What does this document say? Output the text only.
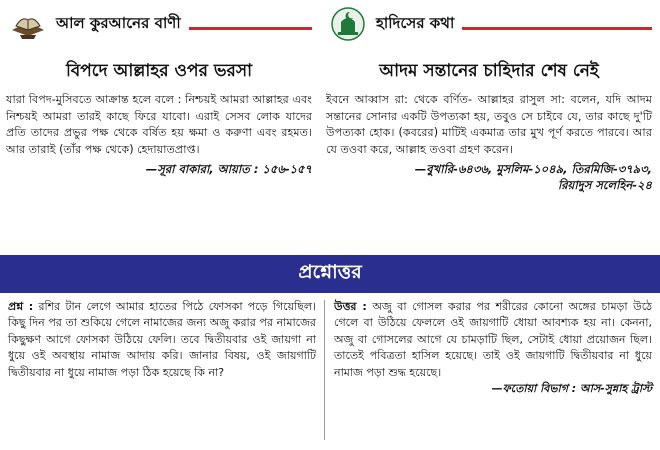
আল কুরআনের বাণী
বিপদে আল্লাহর ওপর ভরসা
যারা বিপদ-মুসিবতে আক্রান্ত হলে বলে : নিশ্চয়ই আমরা আল্লাহর এবং নিশ্চয়ই আমরা তারই কাছে ফিরে যাবো। এরাই সেসব লোক যাদের প্রতি তাদের প্রভুর পক্ষ থেকে বর্ষিত হয় ক্ষমা ও করুণা এবং রহমত। আর তারাই (তাঁর পক্ষ থেকে) হেদায়াতপ্রাপ্ত।
—সূরা বাকারা, আয়াত : ১৫৬-১৫৭
হাদিসের কথা
আদম সন্তানের চাহিদার শেষ নেই
ইবনে আব্বাস রা: থেকে বর্ণিত- আল্লাহর রাসুল সা: বলেন, যদি আদম সন্তানের সোনার একটি উপত্যকা হয়, তবুও সে চাইবে যে, তার কাছে দু'টি উপত্যকা হোক। (কবরের) মাটিই একমাত্র তার মুখ পূর্ণ করতে পারবে। আর যে তওবা করে, আল্লাহ তওবা গ্রহণ করেন।
—বুখারি-৬৪৩৬, মুসলিম-১০৪৯, তিরমিজি-৩৭৯৩,
রিয়াদুস সলেহিন-২৪
প্রশ্নোত্তর
প্রশ্ন : রশির টান লেগে আমার হাতের পিঠে ফোসকা পড়ে গিয়েছিল। কিছু দিন পর তা শুকিয়ে গেলে নামাজের জন্য অজু করার পর নামাজের কিছুক্ষণ আগে ফোসকা উঠিয়ে ফেলি। তবে দ্বিতীয়বার ওই জায়গা না ধুয়ে ওই অবস্থায় নামাজ আদায় করি। জানার বিষয়, ওই জায়গাটি দ্বিতীয়বার না ধুয়ে নামাজ পড়া ঠিক হয়েছে কি না?
উত্তর : অজু বা গোসল করার পর শরীরের কোনো অঙ্গের চামড়া উঠে গেলে বা উঠিয়ে ফেললে ওই জায়গাটি ধোয়া আবশ্যক হয় না। কেননা, অজু বা গোসলের আগে যে চামড়াটি ছিল, সেটাই ধোয়া প্রয়োজন ছিল। তাতেই পবিত্রতা হাসিল হয়েছে। তাই ওই জায়গাটি দ্বিতীয়বার না ধুয়ে নামাজ পড়া শুদ্ধ হয়েছে।
—ফতোয়া বিভাগ : আস-সুন্নাহ ট্রাস্ট
